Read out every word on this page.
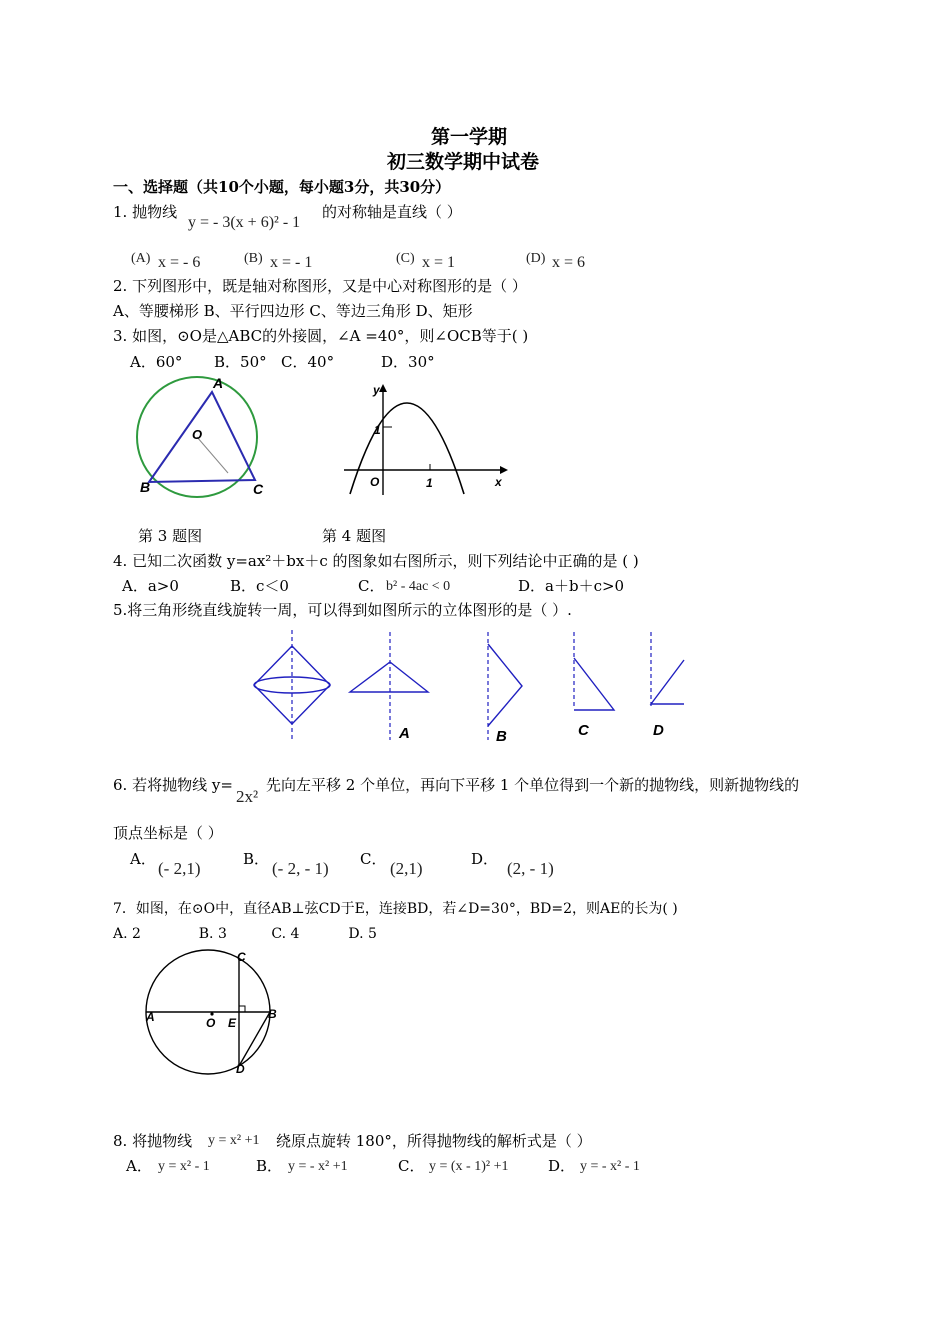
第一学期
初三数学期中试卷
一、选择题（共10个小题，每小题3分，共30分）
1. 抛物线
y = - 3(x + 6)² - 1
的对称轴是直线（ ）
(A) x = - 6	(B) x = - 1	(C) x = 1	(D) x = 6
2. 下列图形中，既是轴对称图形，又是中心对称图形的是（ ）
A、等腰梯形 B、平行四边形 C、等边三角形 D、矩形
3. 如图，⊙O是△ABC的外接圆，∠A =40°，则∠OCB等于( )
A．60° B．50° C．40°	D．30°
A
O
B	C
y
x
O
1
1
第 3 题图	第 4 题图
4. 已知二次函数 y=ax²＋bx＋c 的图象如右图所示，则下列结论中正确的是 ( )
A．a>0	B．c＜0	C． b² - 4ac < 0	D．a＋b＋c>0
5.将三角形绕直线旋转一周，可以得到如图所示的立体图形的是（ ）.
A	B	C	D
6. 若将抛物线 y=
2x²
先向左平移 2 个单位，再向下平移 1 个单位得到一个新的抛物线，则新抛物线的
顶点坐标是（ ）
A． (- 2,1)	B． (- 2, - 1) C． (2,1)	D． (2, - 1)
7．如图，在⊙O中，直径AB⊥弦CD于E，连接BD，若∠D=30°，BD=2，则AE的长为( )
A. 2             B. 3          C. 4           D. 5
A	O E
B
C
D
8. 将抛物线 y = x² +1 绕原点旋转 180°，所得抛物线的解析式是（ ）
A． y = x² - 1	B． y = - x² +1	C． y = (x - 1)² +1	D． y = - x² - 1
